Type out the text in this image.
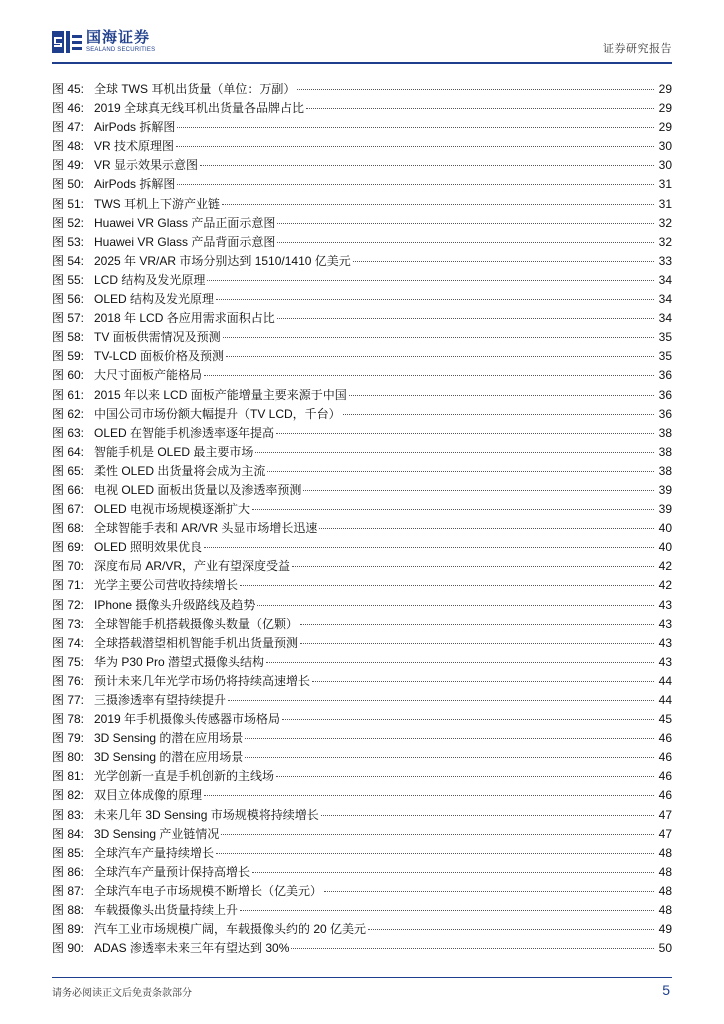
国海证券
SEALAND SECURITIES	证券研究报告
图 45: 全球 TWS 耳机出货量（单位：万副）	29
图 46: 2019 全球真无线耳机出货量各品牌占比	29
图 47: AirPods 拆解图	29
图 48: VR 技术原理图	30
图 49: VR 显示效果示意图	30
图 50: AirPods 拆解图	31
图 51: TWS 耳机上下游产业链	31
图 52: Huawei VR Glass 产品正面示意图	32
图 53: Huawei VR Glass 产品背面示意图	32
图 54: 2025 年 VR/AR 市场分别达到 1510/1410 亿美元	33
图 55: LCD 结构及发光原理	34
图 56: OLED 结构及发光原理	34
图 57: 2018 年 LCD 各应用需求面积占比	34
图 58: TV 面板供需情况及预测	35
图 59: TV-LCD 面板价格及预测	35
图 60: 大尺寸面板产能格局	36
图 61: 2015 年以来 LCD 面板产能增量主要来源于中国	36
图 62: 中国公司市场份额大幅提升（TV LCD，千台）	36
图 63: OLED 在智能手机渗透率逐年提高	38
图 64: 智能手机是 OLED 最主要市场	38
图 65: 柔性 OLED 出货量将会成为主流	38
图 66: 电视 OLED 面板出货量以及渗透率预测	39
图 67: OLED 电视市场规模逐渐扩大	39
图 68: 全球智能手表和 AR/VR 头显市场增长迅速	40
图 69: OLED 照明效果优良	40
图 70: 深度布局 AR/VR，产业有望深度受益	42
图 71: 光学主要公司营收持续增长	42
图 72: IPhone 摄像头升级路线及趋势	43
图 73: 全球智能手机搭载摄像头数量（亿颗）	43
图 74: 全球搭载潜望相机智能手机出货量预测	43
图 75: 华为 P30 Pro 潜望式摄像头结构	43
图 76: 预计未来几年光学市场仍将持续高速增长	44
图 77: 三摄渗透率有望持续提升	44
图 78: 2019 年手机摄像头传感器市场格局	45
图 79: 3D Sensing 的潜在应用场景	46
图 80: 3D Sensing 的潜在应用场景	46
图 81: 光学创新一直是手机创新的主线场	46
图 82: 双目立体成像的原理	46
图 83: 未来几年 3D Sensing 市场规模将持续增长	47
图 84: 3D Sensing 产业链情况	47
图 85: 全球汽车产量持续增长	48
图 86: 全球汽车产量预计保持高增长	48
图 87: 全球汽车电子市场规模不断增长（亿美元）	48
图 88: 车载摄像头出货量持续上升	48
图 89: 汽车工业市场规模广阔，车载摄像头约的 20 亿美元	49
图 90: ADAS 渗透率未来三年有望达到 30%	50
请务必阅读正文后免责条款部分	5
